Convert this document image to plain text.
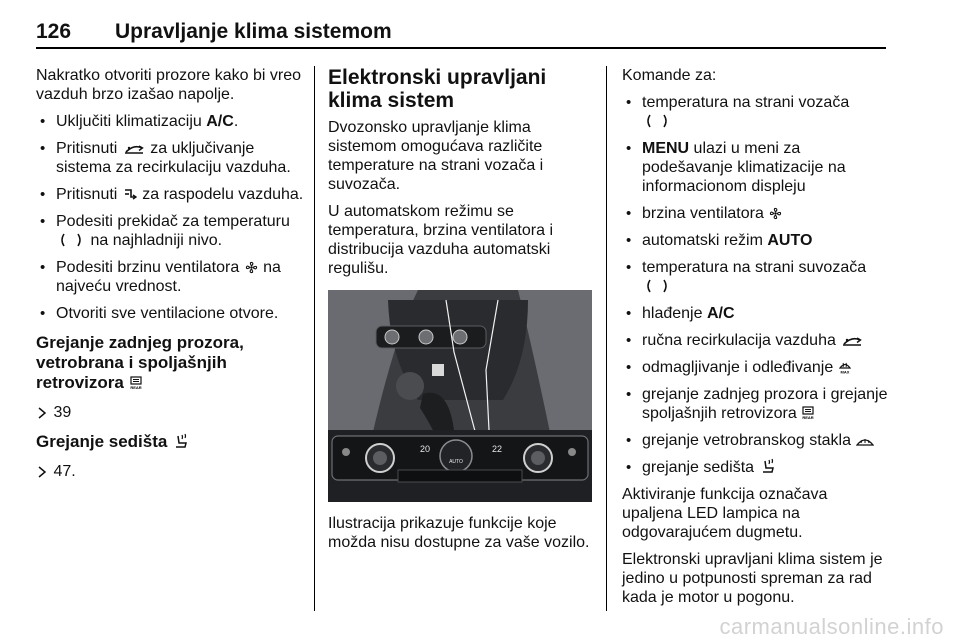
126 Upravljanje klima sistemom

Nakratko otvoriti prozore kako bi vreo vazduh brzo izašao napolje.

• Uključiti klimatizaciju A/C.
• Pritisnuti
za uključivanje sistema za recirkulaciju vazduha.
• Pritisnuti
za raspodelu vazduha.
• Podesiti prekidač za temperaturu
na najhladniji nivo.
• Podesiti brzinu ventilatora
na najveću vrednost.
• Otvoriti sve ventilacione otvore.
Grejanje zadnjeg prozora, vetrobrana i spoljašnjih retrovizora REAR

39

Grejanje sedišta

47.

Elektronski upravljani klima sistem

Dvozonsko upravljanje klima sistemom omogućava različite temperature na strani vozača i suvozača.

U automatskom režimu se temperatura, brzina ventilatora i distribucija vazduha automatski regulišu.

20	22
AUTO

Ilustracija prikazuje funkcije koje možda nisu dostupne za vaše vozilo.

Komande za:

• temperatura na strani vozača

• MENU ulazi u meni za podešavanje klimatizacije na informacionom displeju
• brzina ventilatora
• automatski režim AUTO
• temperatura na strani suvozača

• hlađenje A/C
• ručna recirkulacija vazduha
• odmagljivanje i odleđivanje MAX
• grejanje zadnjeg prozora i grejanje spoljašnjih retrovizora REAR
• grejanje vetrobranskog stakla
• grejanje sedišta

Aktiviranje funkcija označava upaljena LED lampica na odgovarajućem dugmetu.

Elektronski upravljani klima sistem je jedino u potpunosti spreman za rad kada je motor u pogonu.

carmanualsonline.info
